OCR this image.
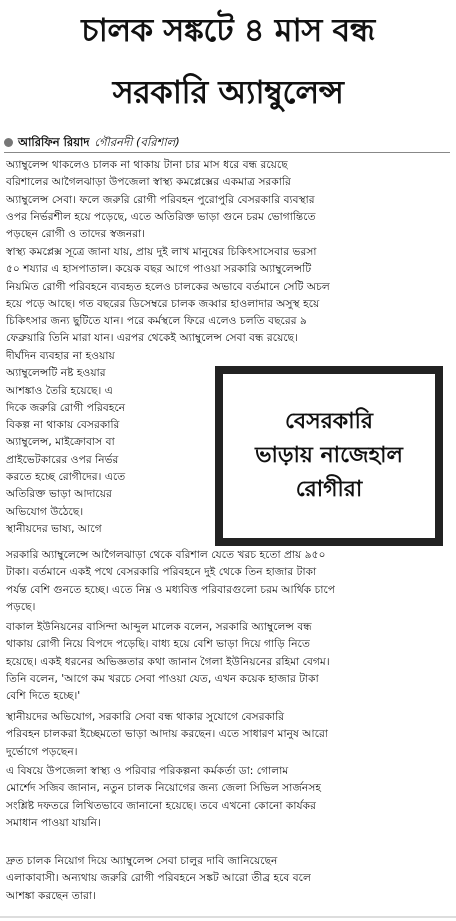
চালক সঙ্কটে ৪ মাস বন্ধ
সরকারি অ্যাম্বুলেন্স
আরিফিন রিয়াদ গৌরনদী (বরিশাল)
অ্যাম্বুলেন্স থাকলেও চালক না থাকায় টানা চার মাস ধরে বন্ধ রয়েছে
বরিশালের আগৈলঝাড়া উপজেলা স্বাস্থ্য কমপ্লেক্সের একমাত্র সরকারি
অ্যাম্বুলেন্স সেবা। ফলে জরুরি রোগী পরিবহন পুরোপুরি বেসরকারি ব্যবস্থার
ওপর নির্ভরশীল হয়ে পড়েছে, এতে অতিরিক্ত ভাড়া গুনে চরম ভোগান্তিতে
পড়ছেন রোগী ও তাদের স্বজনরা।
স্বাস্থ্য কমপ্লেক্স সূত্রে জানা যায়, প্রায় দুই লাখ মানুষের চিকিৎসাসেবার ভরসা
৫০ শয্যার এ হাসপাতাল। কয়েক বছর আগে পাওয়া সরকারি অ্যাম্বুলেন্সটি
নিয়মিত রোগী পরিবহনে ব্যবহৃত হলেও চালকের অভাবে বর্তমানে সেটি অচল
হয়ে পড়ে আছে। গত বছরের ডিসেম্বরে চালক জব্বার হাওলাদার অসুস্থ হয়ে
চিকিৎসার জন্য ছুটিতে যান। পরে কর্মস্থলে ফিরে এলেও চলতি বছরের ৯
ফেব্রুয়ারি তিনি মারা যান। এরপর থেকেই অ্যাম্বুলেন্স সেবা বন্ধ রয়েছে।
দীর্ঘদিন ব্যবহার না হওয়ায়
অ্যাম্বুলেন্সটি নষ্ট হওয়ার
আশঙ্কাও তৈরি হয়েছে। এ
দিকে জরুরি রোগী পরিবহনে
বিকল্প না থাকায় বেসরকারি
অ্যাম্বুলেন্স, মাইক্রোবাস বা
প্রাইভেটকারের ওপর নির্ভর
করতে হচ্ছে রোগীদের। এতে
অতিরিক্ত ভাড়া আদায়ের
অভিযোগ উঠেছে।
স্থানীয়দের ভাষ্য, আগে
বেসরকারি
ভাড়ায় নাজেহাল
রোগীরা
সরকারি অ্যাম্বুলেন্সে আগৈলঝাড়া থেকে বরিশাল যেতে খরচ হতো প্রায় ৯৫০
টাকা। বর্তমানে একই পথে বেসরকারি পরিবহনে দুই থেকে তিন হাজার টাকা
পর্যন্ত বেশি গুনতে হচ্ছে। এতে নিম্ন ও মধ্যবিত্ত পরিবারগুলো চরম আর্থিক চাপে
পড়ছে।
বাকাল ইউনিয়নের বাসিন্দা আব্দুল মালেক বলেন, সরকারি অ্যাম্বুলেন্স বন্ধ
থাকায় রোগী নিয়ে বিপদে পড়েছি। বাধ্য হয়ে বেশি ভাড়া দিয়ে গাড়ি নিতে
হয়েছে। একই ধরনের অভিজ্ঞতার কথা জানান গৈলা ইউনিয়নের রহিমা বেগম।
তিনি বলেন, 'আগে কম খরচে সেবা পাওয়া যেত, এখন কয়েক হাজার টাকা
বেশি দিতে হচ্ছে।'
স্থানীয়দের অভিযোগ, সরকারি সেবা বন্ধ থাকার সুযোগে বেসরকারি
পরিবহন চালকরা ইচ্ছেমতো ভাড়া আদায় করছেন। এতে সাধারণ মানুষ আরো
দুর্ভোগে পড়ছেন।
এ বিষয়ে উপজেলা স্বাস্থ্য ও পরিবার পরিকল্পনা কর্মকর্তা ডা: গোলাম
মোর্শেদ সজিব জানান, নতুন চালক নিয়োগের জন্য জেলা সিভিল সার্জনসহ
সংশ্লিষ্ট দফতরে লিখিতভাবে জানানো হয়েছে। তবে এখনো কোনো কার্যকর
সমাধান পাওয়া যায়নি।
দ্রুত চালক নিয়োগ দিয়ে অ্যাম্বুলেন্স সেবা চালুর দাবি জানিয়েছেন
এলাকাবাসী। অন্যথায় জরুরি রোগী পরিবহনে সঙ্কট আরো তীব্র হবে বলে
আশঙ্কা করছেন তারা।
